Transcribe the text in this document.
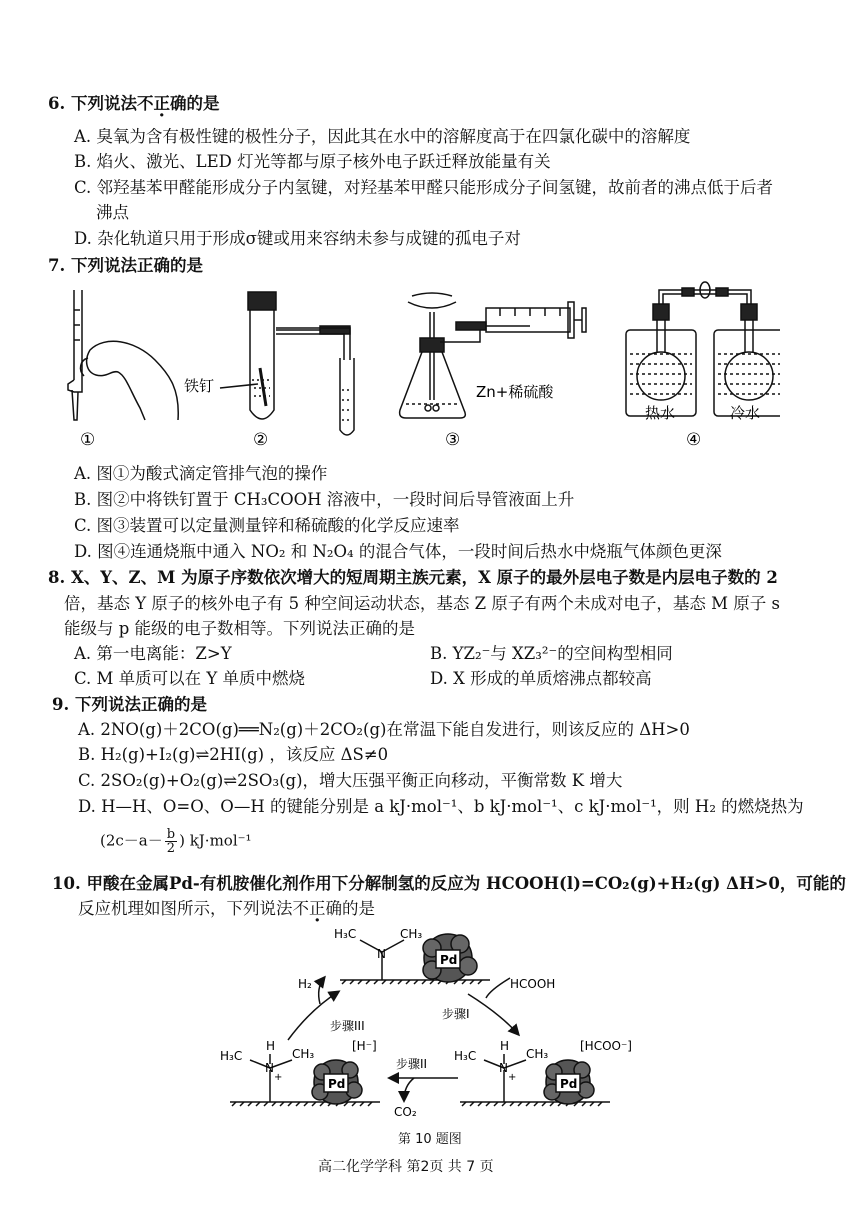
6. 下列说法不正确的是
A. 臭氧为含有极性键的极性分子，因此其在水中的溶解度高于在四氯化碳中的溶解度
B. 焰火、激光、LED 灯光等都与原子核外电子跃迁释放能量有关
C. 邻羟基苯甲醛能形成分子内氢键，对羟基苯甲醛只能形成分子间氢键，故前者的沸点低于后者
沸点
D. 杂化轨道只用于形成σ键或用来容纳未参与成键的孤电子对
7. 下列说法正确的是
①
铁钉
②
Zn+稀硫酸
③
热水	冷水
④
A. 图①为酸式滴定管排气泡的操作
B. 图②中将铁钉置于 CH₃COOH 溶液中，一段时间后导管液面上升
C. 图③装置可以定量测量锌和稀硫酸的化学反应速率
D. 图④连通烧瓶中通入 NO₂ 和 N₂O₄ 的混合气体，一段时间后热水中烧瓶气体颜色更深
8. X、Y、Z、M 为原子序数依次增大的短周期主族元素，X 原子的最外层电子数是内层电子数的 2
倍，基态 Y 原子的核外电子有 5 种空间运动状态，基态 Z 原子有两个未成对电子，基态 M 原子 s
能级与 p 能级的电子数相等。下列说法正确的是
A. 第一电离能：Z>Y	B. YZ₂⁻与 XZ₃²⁻的空间构型相同
C. M 单质可以在 Y 单质中燃烧	D. X 形成的单质熔沸点都较高
9. 下列说法正确的是
A. 2NO(g)＋2CO(g)══N₂(g)＋2CO₂(g)在常温下能自发进行，则该反应的 ΔH>0
B. H₂(g)+I₂(g)⇌2HI(g) ，该反应 ΔS≠0
C. 2SO₂(g)+O₂(g)⇌2SO₃(g)，增大压强平衡正向移动，平衡常数 K 增大
D. H—H、O=O、O—H 的键能分别是 a kJ·mol⁻¹、b kJ·mol⁻¹、c kJ·mol⁻¹，则 H₂ 的燃烧热为
($2c-a- \frac{b}{2}$ ) kJ·mol⁻¹
10. 甲酸在金属Pd-有机胺催化剂作用下分解制氢的反应为 HCOOH(l)=CO₂(g)+H₂(g) ΔH>0，可能的
反应机理如图所示，下列说法不正确的是
H₃C	CH₃
N	Pd
H₃C
H
N
+
CH₃
[H⁻]
Pd
H₃C
H
N
+
CH₃
[HCOO⁻]
Pd
H₂	HCOOH
CO₂
步骤I
步骤II
步骤III
第 10 题图
高二化学学科 第2页 共 7 页
